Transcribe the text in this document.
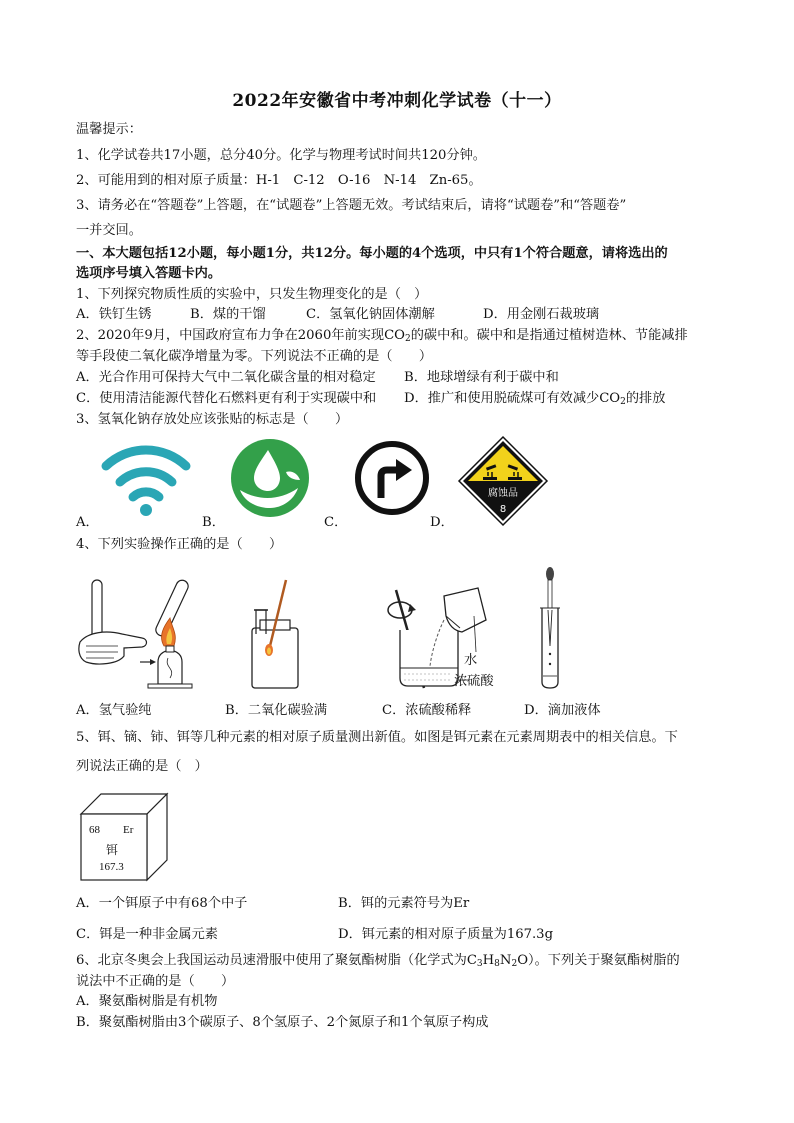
2022年安徽省中考冲刺化学试卷（十一）
温馨提示：
1、化学试卷共17小题，总分40分。化学与物理考试时间共120分钟。
2、可能用到的相对原子质量：H-1　C-12　O-16　N-14　Zn-65。
3、请务必在“答题卷”上答题，在“试题卷”上答题无效。考试结束后，请将“试题卷”和“答题卷”
一并交回。
一、本大题包括12小题，每小题1分，共12分。每小题的4个选项，中只有1个符合题意，请将选出的
选项序号填入答题卡内。
1、下列探究物质性质的实验中，只发生物理变化的是（　）
A．铁钉生锈	B．煤的干馏	C．氢氧化钠固体潮解	D．用金刚石裁玻璃
2、2020年9月，中国政府宣布力争在2060年前实现$CO_2$的碳中和。碳中和是指通过植树造林、节能减排
等手段使二氧化碳净增量为零。下列说法不正确的是（　　）
A．光合作用可保持大气中二氧化碳含量的相对稳定 B．地球增绿有利于碳中和
C．使用清洁能源代替化石燃料更有利于实现碳中和 D．推广和使用脱硫煤可有效减少$CO_2$的排放
3、氢氧化钠存放处应该张贴的标志是（　　）
腐蚀品
8
A．	B．	C．	D．
4、下列实验操作正确的是（　　）
水
浓硫酸
A．氢气验纯	B．二氧化碳验满	C．浓硫酸稀释	D．滴加液体
5、铒、镝、铈、铒等几种元素的相对原子质量测出新值。如图是铒元素在元素周期表中的相关信息。下
列说法正确的是（　）
68 Er
铒
167.3
A．一个铒原子中有68个中子	B．铒的元素符号为Er
C．铒是一种非金属元素	D．铒元素的相对原子质量为167.3g
6、北京冬奥会上我国运动员速滑服中使用了聚氨酯树脂（化学式为$C_3H_8N_2O$）。下列关于聚氨酯树脂的
说法中不正确的是（　　）
A．聚氨酯树脂是有机物
B．聚氨酯树脂由3个碳原子、8个氢原子、2个氮原子和1个氧原子构成
